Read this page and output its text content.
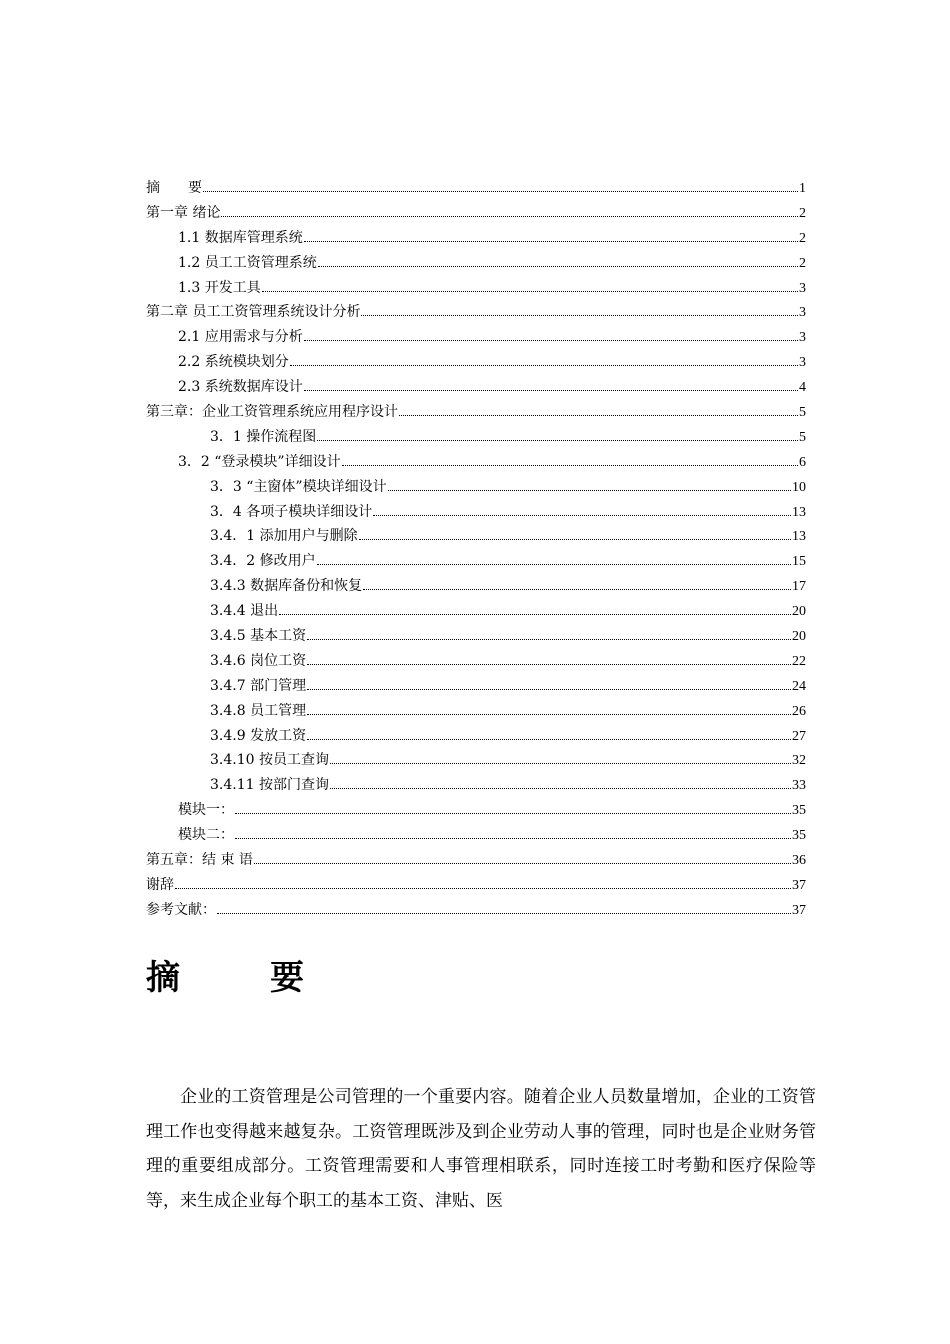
摘　　要	1
第一章 绪论	2
1.1 数据库管理系统	2
1.2 员工工资管理系统	2
1.3 开发工具	3
第二章 员工工资管理系统设计分析	3
2.1 应用需求与分析	3
2.2 系统模块划分	3
2.3 系统数据库设计	4
第三章：企业工资管理系统应用程序设计	5
3．1 操作流程图	5
3．2 “登录模块”详细设计	6
3．3 “主窗体”模块详细设计	10
3．4 各项子模块详细设计	13
3.4．1 添加用户与删除	13
3.4．2 修改用户	15
3.4.3 数据库备份和恢复	17
3.4.4 退出	20
3.4.5 基本工资	20
3.4.6 岗位工资	22
3.4.7 部门管理	24
3.4.8 员工管理	26
3.4.9 发放工资	27
3.4.10 按员工查询	32
3.4.11 按部门查询	33
模块一：	35
模块二：	35
第五章：结 束 语	36
谢辞	37
参考文献：	37
摘	要

企业的工资管理是公司管理的一个重要内容。随着企业人员数量增加，企业的工资管理工作也变得越来越复杂。工资管理既涉及到企业劳动人事的管理，同时也是企业财务管理的重要组成部分。工资管理需要和人事管理相联系，同时连接工时考勤和医疗保险等等，来生成企业每个职工的基本工资、津贴、医
